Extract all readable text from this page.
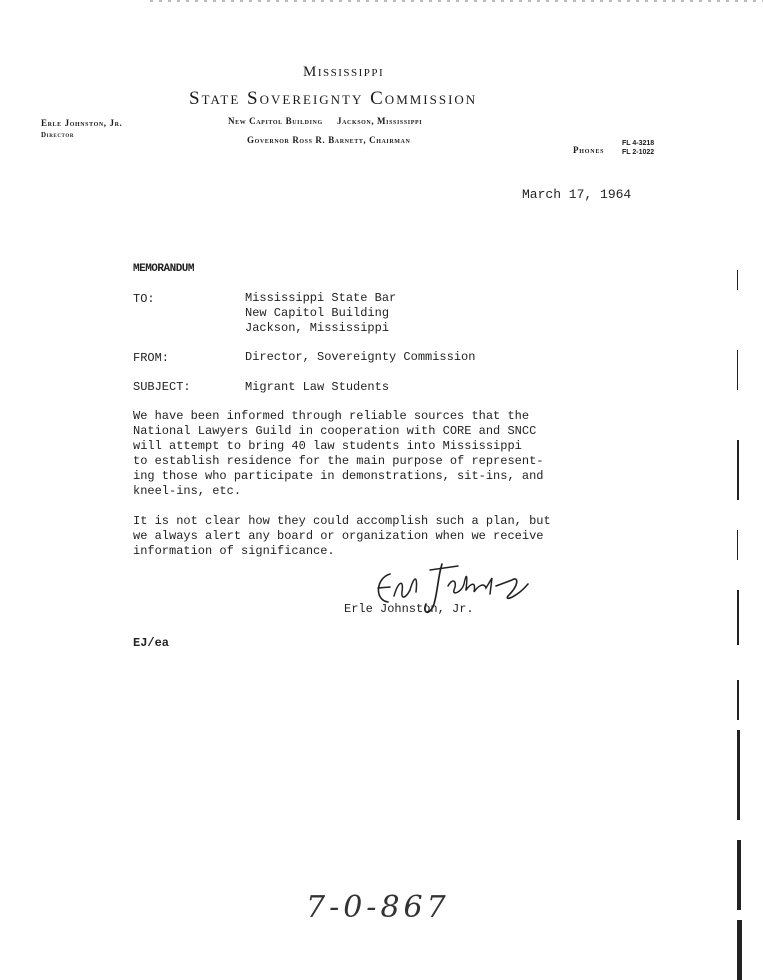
Mississippi
State Sovereignty Commission
New Capitol Building     Jackson, Mississippi
Governor Ross R. Barnett, Chairman
Erle Johnston, Jr.
Director
Phones
FL 4-3218
FL 2-1022
March 17, 1964
MEMORANDUM
TO:	Mississippi State Bar
New Capitol Building
Jackson, Mississippi
FROM:	Director, Sovereignty Commission
SUBJECT:	Migrant Law Students
We have been informed through reliable sources that the
National Lawyers Guild in cooperation with CORE and SNCC
will attempt to bring 40 law students into Mississippi
to establish residence for the main purpose of represent-
ing those who participate in demonstrations, sit-ins, and
kneel-ins, etc.
It is not clear how they could accomplish such a plan, but
we always alert any board or organization when we receive
information of significance.
Erle Johnston, Jr.
EJ/ea
7-0-867
